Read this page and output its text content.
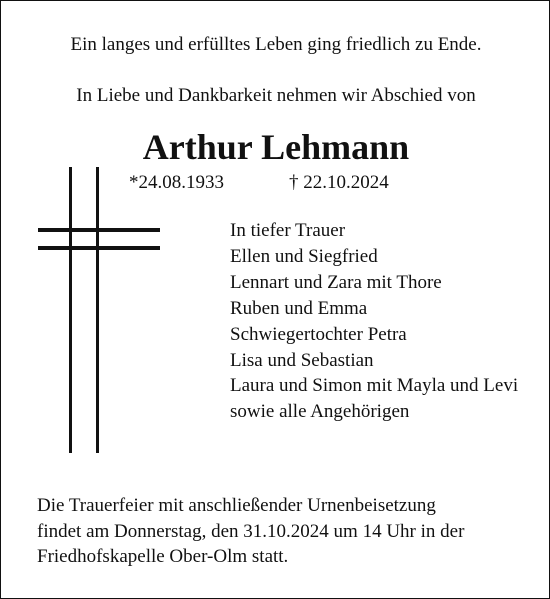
Ein langes und erfülltes Leben ging friedlich zu Ende.
In Liebe und Dankbarkeit nehmen wir Abschied von
Arthur Lehmann
*24.08.1933	† 22.10.2024
In tiefer Trauer
Ellen und Siegfried
Lennart und Zara mit Thore
Ruben und Emma
Schwiegertochter Petra
Lisa und Sebastian
Laura und Simon mit Mayla und Levi
sowie alle Angehörigen
Die Trauerfeier mit anschließender Urnenbeisetzung
findet am Donnerstag, den 31.10.2024 um 14 Uhr in der
Friedhofskapelle Ober-Olm statt.
